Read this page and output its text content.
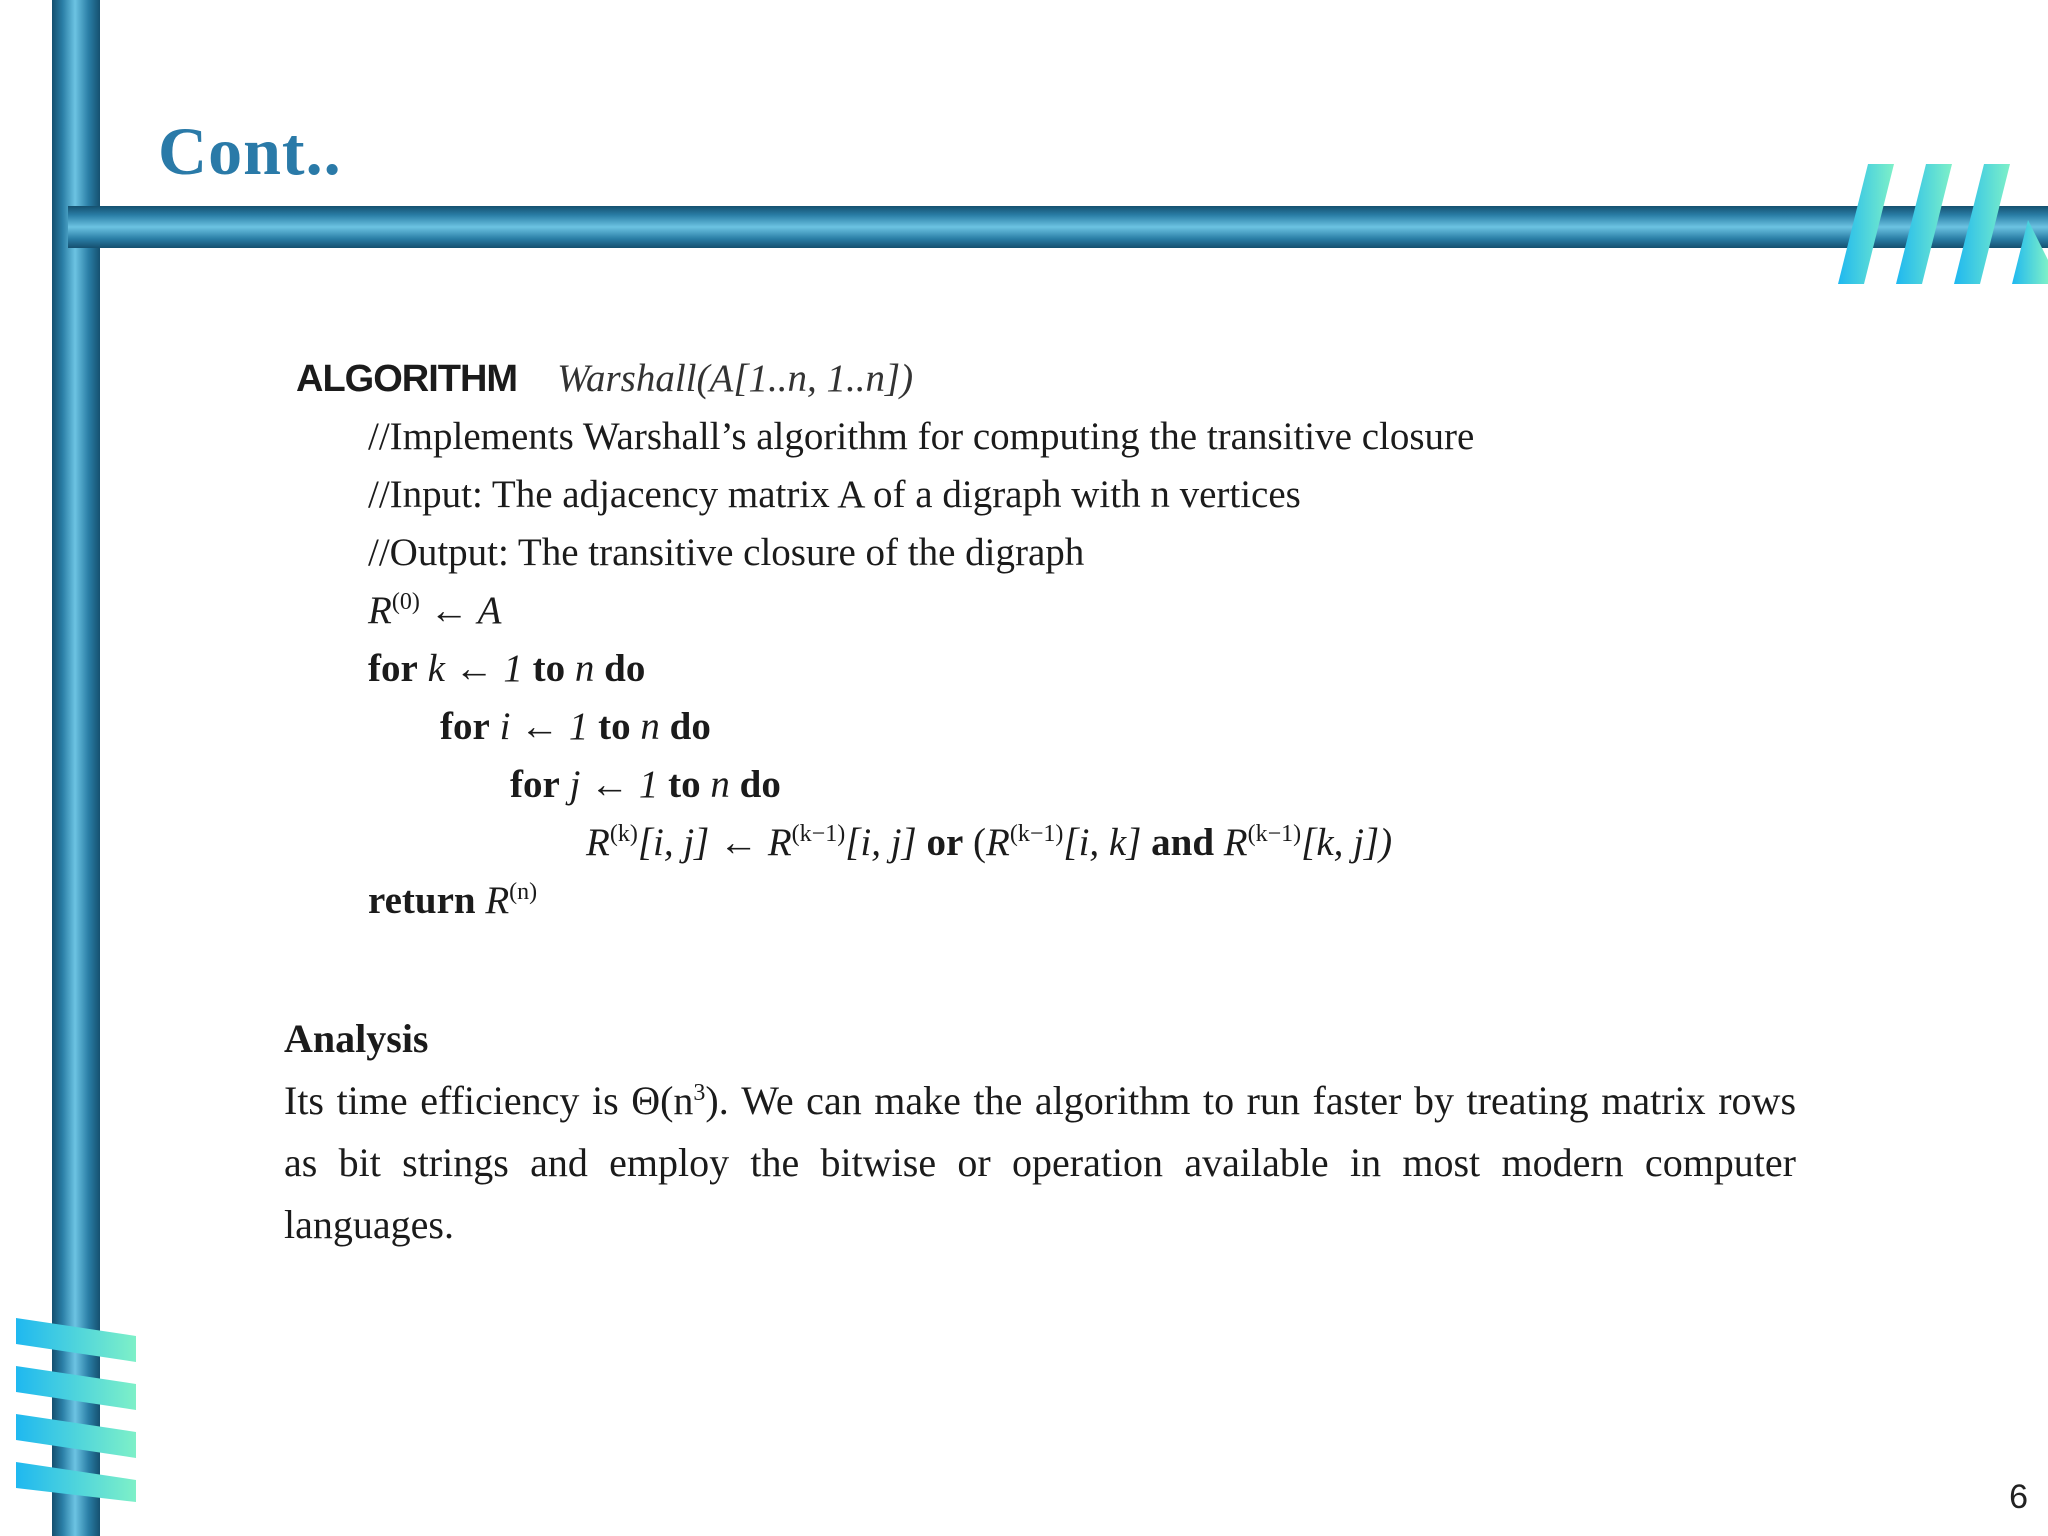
Cont..
ALGORITHM Warshall(A[1..n, 1..n])
//Implements Warshall’s algorithm for computing the transitive closure
//Input: The adjacency matrix A of a digraph with n vertices
//Output: The transitive closure of the digraph
$R^{(0)}$ ← A
for k ← 1 to n do
for i ← 1 to n do
for j ← 1 to n do
$R^{(k)}[i$, j] ← $R^{(k-1)}[i$, j] or ($R^{(k-1)}[i$, k] and $R^{(k-1)}[k$, j])
return $R^{(n)}$
Analysis

Its time efficiency is $\Theta(n^3)$. We can make the algorithm to run faster by treating matrix rows as bit strings and employ the bitwise or operation available in most modern computer languages.

6
